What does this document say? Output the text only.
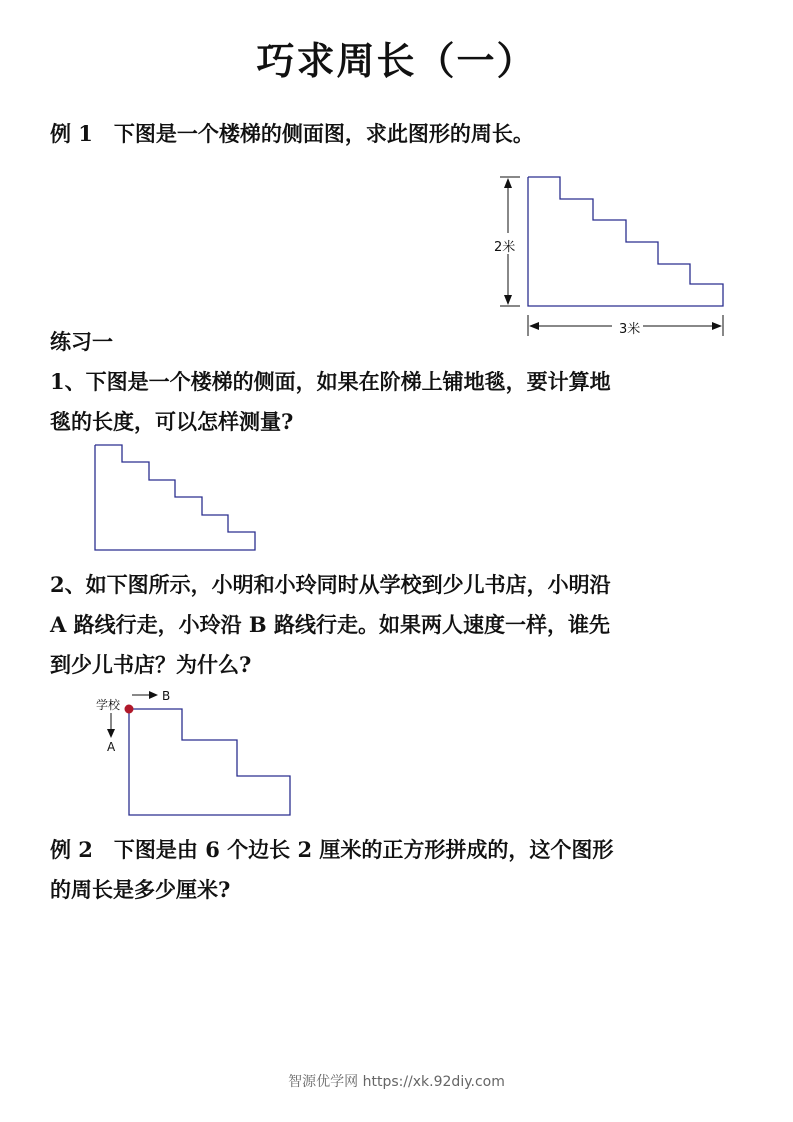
巧求周长（一）
例 1　下图是一个楼梯的侧面图，求此图形的周长。
2米
3米
练习一
1、下图是一个楼梯的侧面，如果在阶梯上铺地毯，要计算地
毯的长度，可以怎样测量?
2、如下图所示，小明和小玲同时从学校到少儿书店，小明沿
A 路线行走，小玲沿 B 路线行走。如果两人速度一样，谁先
到少儿书店？为什么?
学校
B
A
例 2　下图是由 6 个边长 2 厘米的正方形拼成的，这个图形
的周长是多少厘米?
智源优学网 https://xk.92diy.com
